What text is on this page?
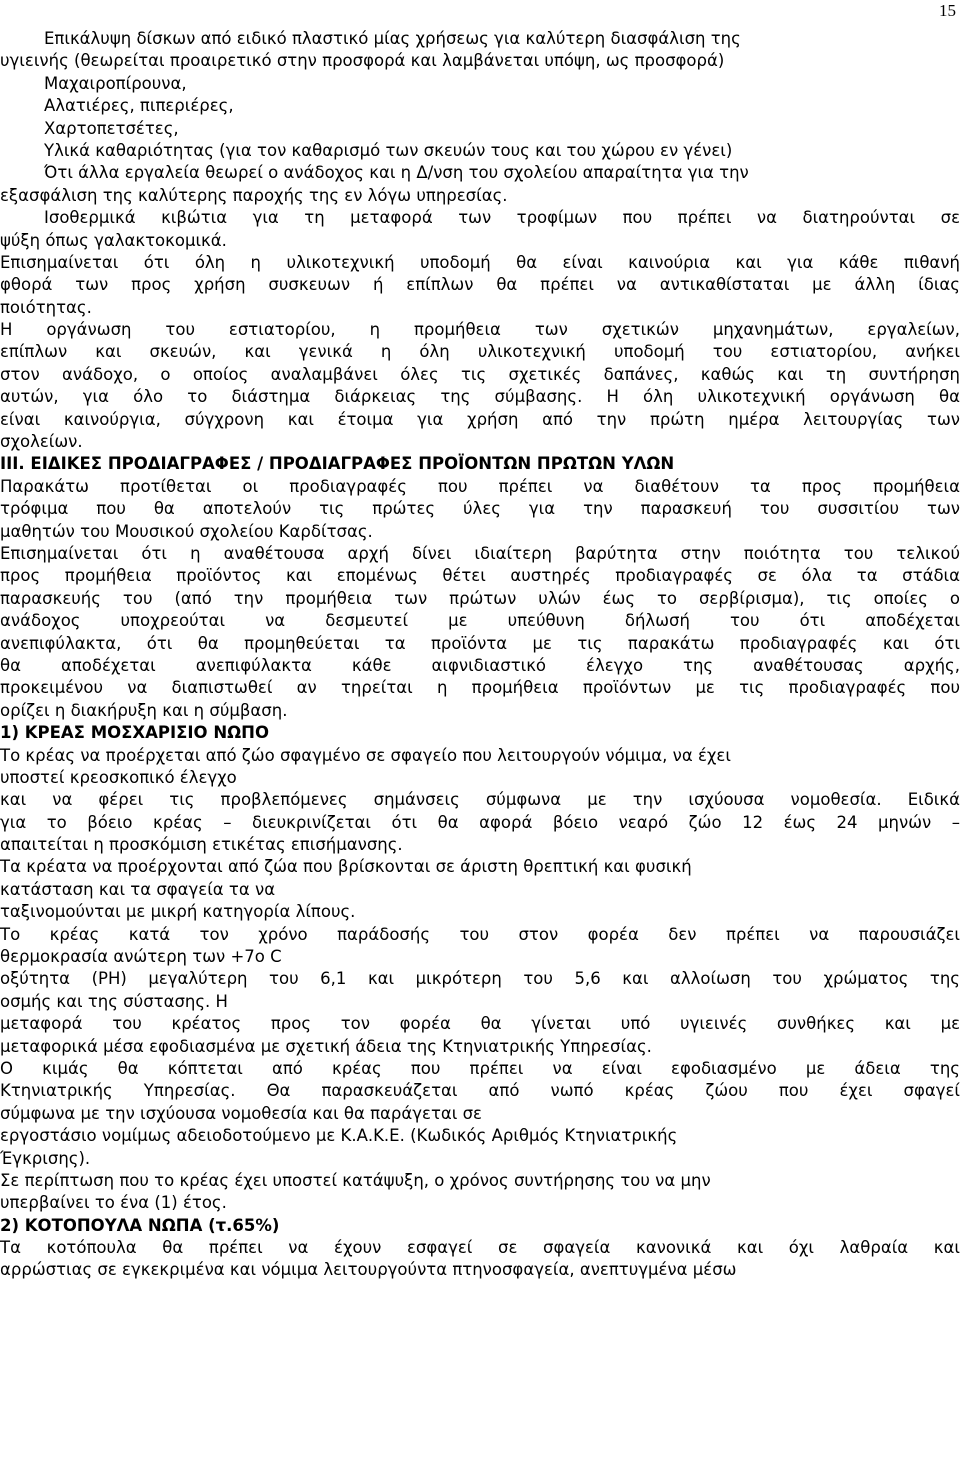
15
Επικάλυψη δίσκων από ειδικό πλαστικό μίας χρήσεως για καλύτερη διασφάλιση της
υγιεινής (θεωρείται προαιρετικό στην προσφορά και λαμβάνεται υπόψη, ως προσφορά)
Μαχαιροπίρουνα,
Αλατιέρες, πιπεριέρες,
Χαρτοπετσέτες,
Υλικά καθαριότητας (για τον καθαρισμό των σκευών τους και του χώρου εν γένει)
Ότι άλλα εργαλεία θεωρεί ο ανάδοχος και η Δ/νση του σχολείου απαραίτητα για την
εξασφάλιση της καλύτερης παροχής της εν λόγω υπηρεσίας.
Ισοθερμικά κιβώτια για τη μεταφορά των τροφίμων που πρέπει να διατηρούνται σε
ψύξη όπως γαλακτοκομικά.
Επισημαίνεται ότι όλη η υλικοτεχνική υποδομή θα είναι καινούρια και για κάθε πιθανή
φθορά των προς χρήση συσκευων ή επίπλων θα πρέπει να αντικαθίσταται με άλλη ίδιας
ποιότητας.
Η οργάνωση του εστιατορίου, η προμήθεια των σχετικών μηχανημάτων, εργαλείων,
επίπλων και σκευών, και γενικά η όλη υλικοτεχνική υποδομή του εστιατορίου, ανήκει
στον ανάδοχο, ο οποίος αναλαμβάνει όλες τις σχετικές δαπάνες, καθώς και τη συντήρηση
αυτών, για όλο το διάστημα διάρκειας της σύμβασης. Η όλη υλικοτεχνική οργάνωση θα
είναι καινούργια, σύγχρονη και έτοιμα για χρήση από την πρώτη ημέρα λειτουργίας των
σχολείων.
ΙΙΙ. ΕΙΔΙΚΕΣ ΠΡΟΔΙΑΓΡΑΦΕΣ / ΠΡΟΔΙΑΓΡΑΦΕΣ ΠΡΟΪΟΝΤΩΝ ΠΡΩΤΩΝ ΥΛΩΝ
Παρακάτω προτίθεται οι προδιαγραφές που πρέπει να διαθέτουν τα προς προμήθεια
τρόφιμα που θα αποτελούν τις πρώτες ύλες για την παρασκευή του συσσιτίου των
μαθητών του Μουσικού σχολείου Καρδίτσας.
Επισημαίνεται ότι η αναθέτουσα αρχή δίνει ιδιαίτερη βαρύτητα στην ποιότητα του τελικού
προς προμήθεια προϊόντος και επομένως θέτει αυστηρές προδιαγραφές σε όλα τα στάδια
παρασκευής του (από την προμήθεια των πρώτων υλών έως το σερβίρισμα), τις οποίες ο
ανάδοχος υποχρεούται να δεσμευτεί με υπεύθυνη δήλωσή του ότι αποδέχεται
ανεπιφύλακτα, ότι θα προμηθεύεται τα προϊόντα με τις παρακάτω προδιαγραφές και ότι
θα αποδέχεται ανεπιφύλακτα κάθε αιφνιδιαστικό έλεγχο της αναθέτουσας αρχής,
προκειμένου να διαπιστωθεί αν τηρείται η προμήθεια προϊόντων με τις προδιαγραφές που
ορίζει η διακήρυξη και η σύμβαση.
1) ΚΡΕΑΣ ΜΟΣΧΑΡΙΣΙΟ ΝΩΠΟ
Το κρέας να προέρχεται από ζώο σφαγμένο σε σφαγείο που λειτουργούν νόμιμα, να έχει
υποστεί κρεοσκοπικό έλεγχο
και να φέρει τις προβλεπόμενες σημάνσεις σύμφωνα με την ισχύουσα νομοθεσία. Ειδικά
για το βόειο κρέας – διευκρινίζεται ότι θα αφορά βόειο νεαρό ζώο 12 έως 24 μηνών –
απαιτείται η προσκόμιση ετικέτας επισήμανσης.
Τα κρέατα να προέρχονται από ζώα που βρίσκονται σε άριστη θρεπτική και φυσική
κατάσταση και τα σφαγεία τα να
ταξινομούνται με μικρή κατηγορία λίπους.
Το κρέας κατά τον χρόνο παράδοσής του στον φορέα δεν πρέπει να παρουσιάζει
θερμοκρασία ανώτερη των +7ο C
οξύτητα (PH) μεγαλύτερη του 6,1 και μικρότερη του 5,6 και αλλοίωση του χρώματος της
οσμής και της σύστασης. Η
μεταφορά του κρέατος προς τον φορέα θα γίνεται υπό υγιεινές συνθήκες και με
μεταφορικά μέσα εφοδιασμένα με σχετική άδεια της Κτηνιατρικής Υπηρεσίας.
Ο κιμάς θα κόπτεται από κρέας που πρέπει να είναι εφοδιασμένο με άδεια της
Κτηνιατρικής Υπηρεσίας. Θα παρασκευάζεται από νωπό κρέας ζώου που έχει σφαγεί
σύμφωνα με την ισχύουσα νομοθεσία και θα παράγεται σε
εργοστάσιο νομίμως αδειοδοτούμενο με Κ.Α.Κ.Ε. (Κωδικός Αριθμός Κτηνιατρικής
Έγκρισης).
Σε περίπτωση που το κρέας έχει υποστεί κατάψυξη, ο χρόνος συντήρησης του να μην
υπερβαίνει το ένα (1) έτος.
2) ΚΟΤΟΠΟΥΛΑ ΝΩΠΑ (τ.65%)
Τα κοτόπουλα θα πρέπει να έχουν εσφαγεί σε σφαγεία κανονικά και όχι λαθραία και
αρρώστιας σε εγκεκριμένα και νόμιμα λειτουργούντα πτηνοσφαγεία, ανεπτυγμένα μέσω
